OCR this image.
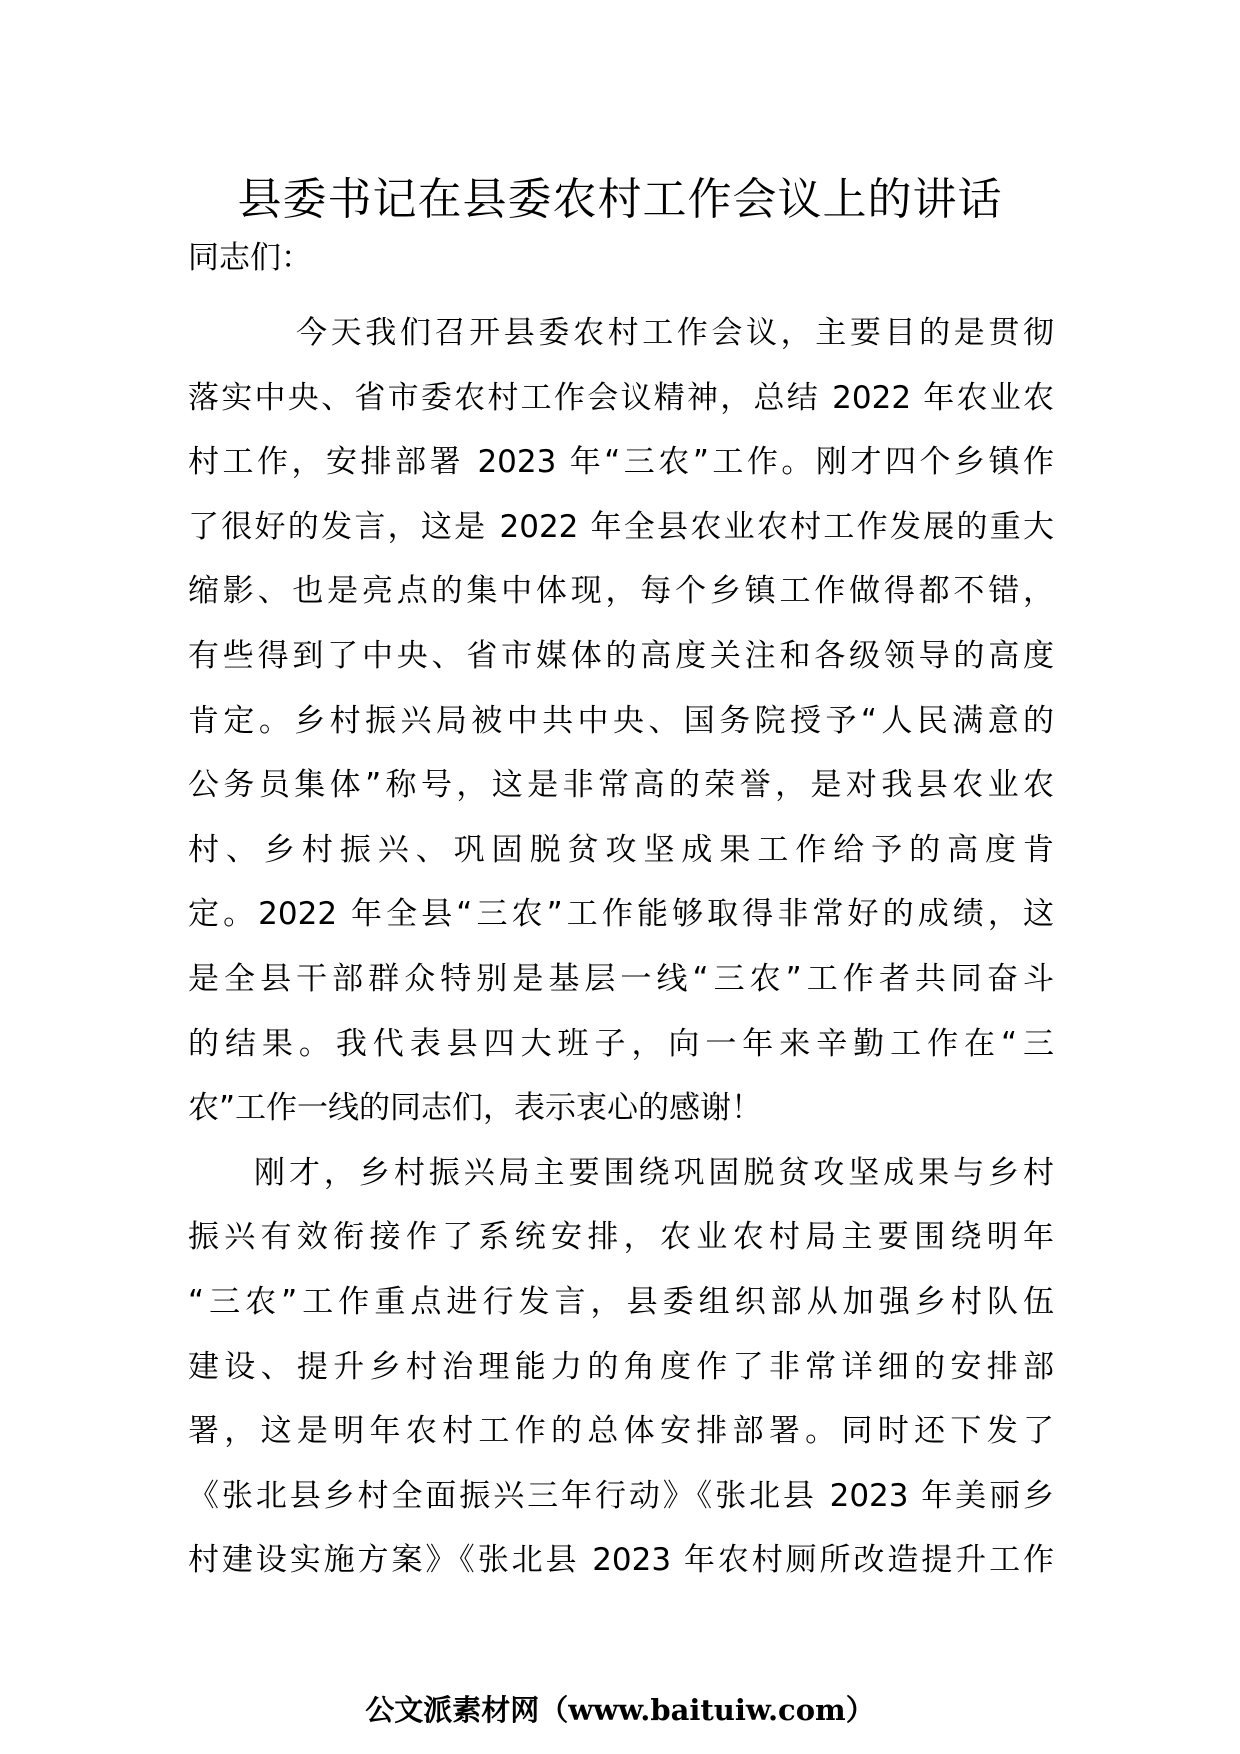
县委书记在县委农村工作会议上的讲话
同志们：
今天我们召开县委农村工作会议，主要目的是贯彻
落实中央、省市委农村工作会议精神，总结 2022 年农业农
村工作，安排部署 2023 年“三农”工作。刚才四个乡镇作
了很好的发言，这是 2022 年全县农业农村工作发展的重大
缩影、也是亮点的集中体现，每个乡镇工作做得都不错，
有些得到了中央、省市媒体的高度关注和各级领导的高度
肯定。乡村振兴局被中共中央、国务院授予“人民满意的
公务员集体”称号，这是非常高的荣誉，是对我县农业农
村、乡村振兴、巩固脱贫攻坚成果工作给予的高度肯
定。2022 年全县“三农”工作能够取得非常好的成绩，这
是全县干部群众特别是基层一线“三农”工作者共同奋斗
的结果。我代表县四大班子，向一年来辛勤工作在“三
农”工作一线的同志们，表示衷心的感谢！
刚才，乡村振兴局主要围绕巩固脱贫攻坚成果与乡村
振兴有效衔接作了系统安排，农业农村局主要围绕明年
“三农”工作重点进行发言，县委组织部从加强乡村队伍
建设、提升乡村治理能力的角度作了非常详细的安排部
署，这是明年农村工作的总体安排部署。同时还下发了
《张北县乡村全面振兴三年行动》《张北县 2023 年美丽乡
村建设实施方案》《张北县 2023 年农村厕所改造提升工作
公文派素材网（www.baituiw.com）
